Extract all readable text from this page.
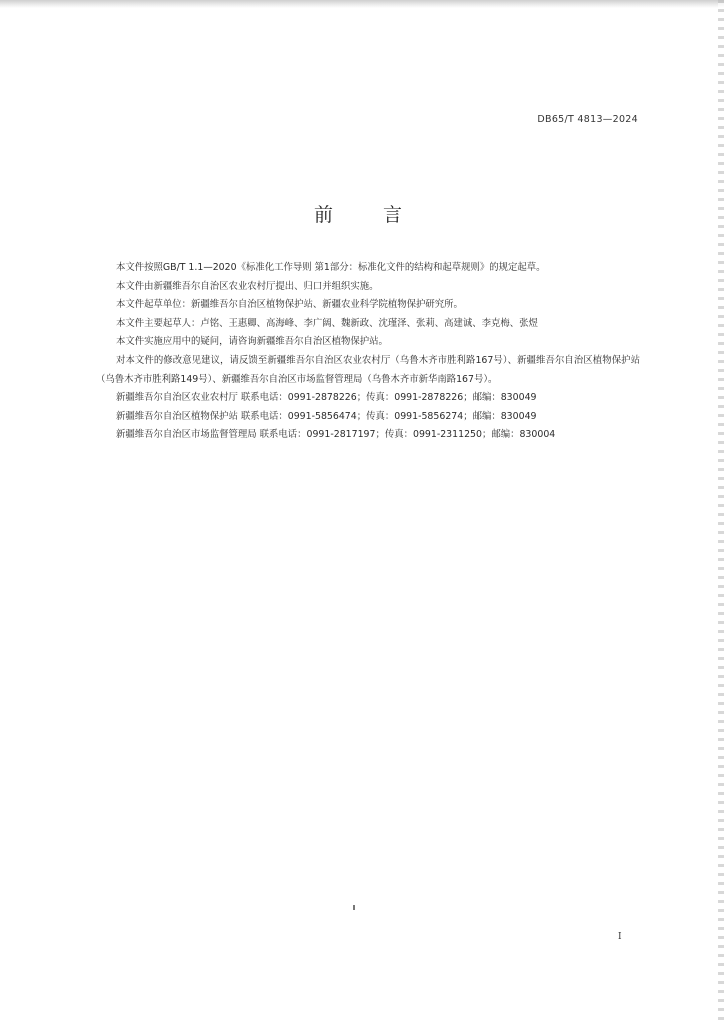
DB65/T 4813—2024
前 言

本文件按照GB/T 1.1—2020《标准化工作导则 第1部分：标准化文件的结构和起草规则》的规定起草。

本文件由新疆维吾尔自治区农业农村厅提出、归口并组织实施。

本文件起草单位：新疆维吾尔自治区植物保护站、新疆农业科学院植物保护研究所。

本文件主要起草人：卢铭、王惠卿、高海峰、李广阔、魏新政、沈瑾泽、张莉、高建诚、李克梅、张煜

本文件实施应用中的疑问，请咨询新疆维吾尔自治区植物保护站。

对本文件的修改意见建议，请反馈至新疆维吾尔自治区农业农村厅（乌鲁木齐市胜利路167号）、新疆维吾尔自治区植物保护站（乌鲁木齐市胜利路149号）、新疆维吾尔自治区市场监督管理局（乌鲁木齐市新华南路167号）。

新疆维吾尔自治区农业农村厅 联系电话：0991-2878226；传真：0991-2878226；邮编：830049

新疆维吾尔自治区植物保护站 联系电话：0991-5856474；传真：0991-5856274；邮编：830049

新疆维吾尔自治区市场监督管理局 联系电话：0991-2817197；传真：0991-2311250；邮编：830004

I
